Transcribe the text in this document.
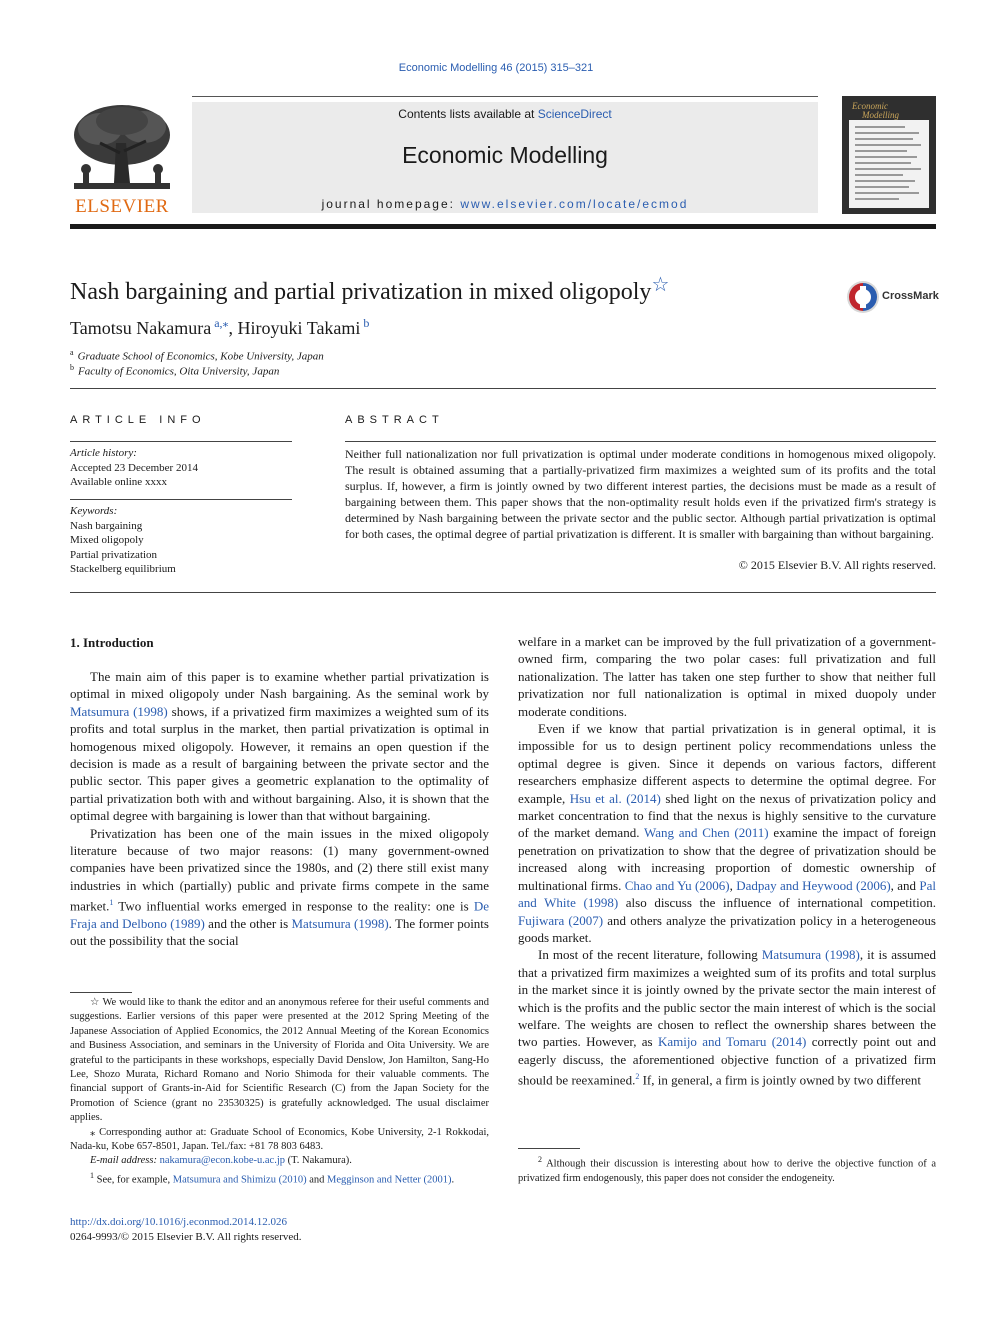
Economic Modelling 46 (2015) 315–321
ELSEVIER
Contents lists available at ScienceDirect
Economic Modelling
journal homepage: www.elsevier.com/locate/ecmod
Economic
Modelling
Nash bargaining and partial privatization in mixed oligopoly☆	CrossMark
Tamotsu Nakamura $^{a,⁎}$, Hiroyuki Takami $^b$
$^a$ Graduate School of Economics, Kobe University, Japan
$^b$ Faculty of Economics, Oita University, Japan
ARTICLE INFO
Article history:
Accepted 23 December 2014
Available online xxxx
Keywords:
Nash bargaining
Mixed oligopoly
Partial privatization
Stackelberg equilibrium
ABSTRACT
Neither full nationalization nor full privatization is optimal under moderate conditions in homogenous mixed oligopoly. The result is obtained assuming that a partially-privatized firm maximizes a weighted sum of its profits and the total surplus. If, however, a firm is jointly owned by two different interest parties, the decisions must be made as a result of bargaining between them. This paper shows that the non-optimality result holds even if the privatized firm's strategy is determined by Nash bargaining between the private sector and the public sector. Although partial privatization is optimal for both cases, the optimal degree of partial privatization is different. It is smaller with bargaining than without bargaining.
© 2015 Elsevier B.V. All rights reserved.
1. Introduction

The main aim of this paper is to examine whether partial privatization is optimal in mixed oligopoly under Nash bargaining. As the seminal work by Matsumura (1998) shows, if a privatized firm maximizes a weighted sum of its profits and total surplus in the market, then partial privatization is optimal in homogenous mixed oligopoly. However, it remains an open question if the decision is made as a result of bargaining between the private sector and the public sector. This paper gives a geometric explanation to the optimality of partial privatization both with and without bargaining. Also, it is shown that the optimal degree with bargaining is lower than that without bargaining.

Privatization has been one of the main issues in the mixed oligopoly literature because of two major reasons: (1) many government-owned companies have been privatized since the 1980s, and (2) there still exist many industries in which (partially) public and private firms compete in the same market.$^1$ Two influential works emerged in response to the reality: one is De Fraja and Delbono (1989) and the other is Matsumura (1998). The former points out the possibility that the social

welfare in a market can be improved by the full privatization of a government-owned firm, comparing the two polar cases: full privatization and full nationalization. The latter has taken one step further to show that neither full privatization nor full nationalization is optimal in mixed duopoly under moderate conditions.

Even if we know that partial privatization is in general optimal, it is impossible for us to design pertinent policy recommendations unless the optimal degree is given. Since it depends on various factors, different researchers emphasize different aspects to determine the optimal degree. For example, Hsu et al. (2014) shed light on the nexus of privatization policy and market concentration to find that the nexus is highly sensitive to the curvature of the market demand. Wang and Chen (2011) examine the impact of foreign penetration on privatization to show that the degree of privatization should be increased along with increasing proportion of domestic ownership of multinational firms. Chao and Yu (2006), Dadpay and Heywood (2006), and Pal and White (1998) also discuss the influence of international competition. Fujiwara (2007) and others analyze the privatization policy in a heterogeneous goods market.

In most of the recent literature, following Matsumura (1998), it is assumed that a privatized firm maximizes a weighted sum of its profits and total surplus in the market since it is jointly owned by the private sector the main interest of which is the profits and the public sector the main interest of which is the social welfare. The weights are chosen to reflect the ownership shares between the two parties. However, as Kamijo and Tomaru (2014) correctly point out and eagerly discuss, the aforementioned objective function of a privatized firm should be reexamined.$^2$ If, in general, a firm is jointly owned by two different

☆ We would like to thank the editor and an anonymous referee for their useful comments and suggestions. Earlier versions of this paper were presented at the 2012 Spring Meeting of the Japanese Association of Applied Economics, the 2012 Annual Meeting of the Korean Economics and Business Association, and seminars in the University of Florida and Oita University. We are grateful to the participants in these workshops, especially David Denslow, Jon Hamilton, Sang-Ho Lee, Shozo Murata, Richard Romano and Norio Shimoda for their valuable comments. The financial support of Grants-in-Aid for Scientific Research (C) from the Japan Society for the Promotion of Science (grant no 23530325) is gratefully acknowledged. The usual disclaimer applies.

⁎ Corresponding author at: Graduate School of Economics, Kobe University, 2-1 Rokkodai, Nada-ku, Kobe 657-8501, Japan. Tel./fax: +81 78 803 6483.

E-mail address: nakamura@econ.kobe-u.ac.jp (T. Nakamura).

$^1$ See, for example, Matsumura and Shimizu (2010) and Megginson and Netter (2001).

$^2$ Although their discussion is interesting about how to derive the objective function of a privatized firm endogenously, this paper does not consider the endogeneity.

http://dx.doi.org/10.1016/j.econmod.2014.12.026
0264-9993/© 2015 Elsevier B.V. All rights reserved.
